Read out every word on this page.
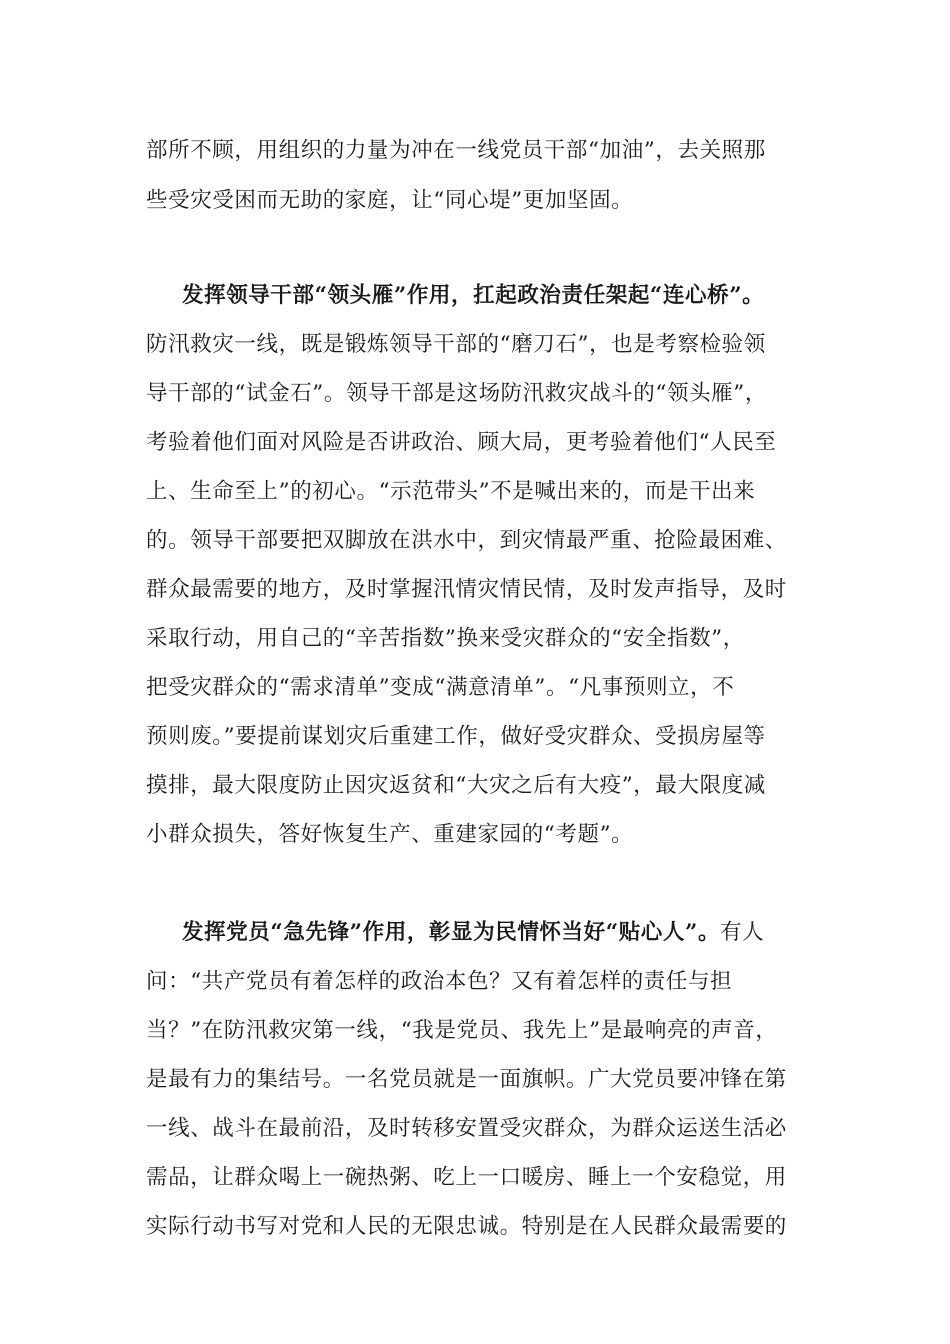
部所不顾，用组织的力量为冲在一线党员干部“加油”，去关照那
些受灾受困而无助的家庭，让“同心堤”更加坚固。
发挥领导干部“领头雁”作用，扛起政治责任架起“连心桥”。
防汛救灾一线，既是锻炼领导干部的“磨刀石”，也是考察检验领
导干部的“试金石”。领导干部是这场防汛救灾战斗的“领头雁”，
考验着他们面对风险是否讲政治、顾大局，更考验着他们“人民至
上、生命至上”的初心。“示范带头”不是喊出来的，而是干出来
的。领导干部要把双脚放在洪水中，到灾情最严重、抢险最困难、
群众最需要的地方，及时掌握汛情灾情民情，及时发声指导，及时
采取行动，用自己的“辛苦指数”换来受灾群众的“安全指数”，
把受灾群众的“需求清单”变成“满意清单”。“凡事预则立，不
预则废。”要提前谋划灾后重建工作，做好受灾群众、受损房屋等
摸排，最大限度防止因灾返贫和“大灾之后有大疫”，最大限度减
小群众损失，答好恢复生产、重建家园的“考题”。
发挥党员“急先锋”作用，彰显为民情怀当好“贴心人”。有人
问：“共产党员有着怎样的政治本色？又有着怎样的责任与担
当？”在防汛救灾第一线，“我是党员、我先上”是最响亮的声音，
是最有力的集结号。一名党员就是一面旗帜。广大党员要冲锋在第
一线、战斗在最前沿，及时转移安置受灾群众，为群众运送生活必
需品，让群众喝上一碗热粥、吃上一口暖房、睡上一个安稳觉，用
实际行动书写对党和人民的无限忠诚。特别是在人民群众最需要的
